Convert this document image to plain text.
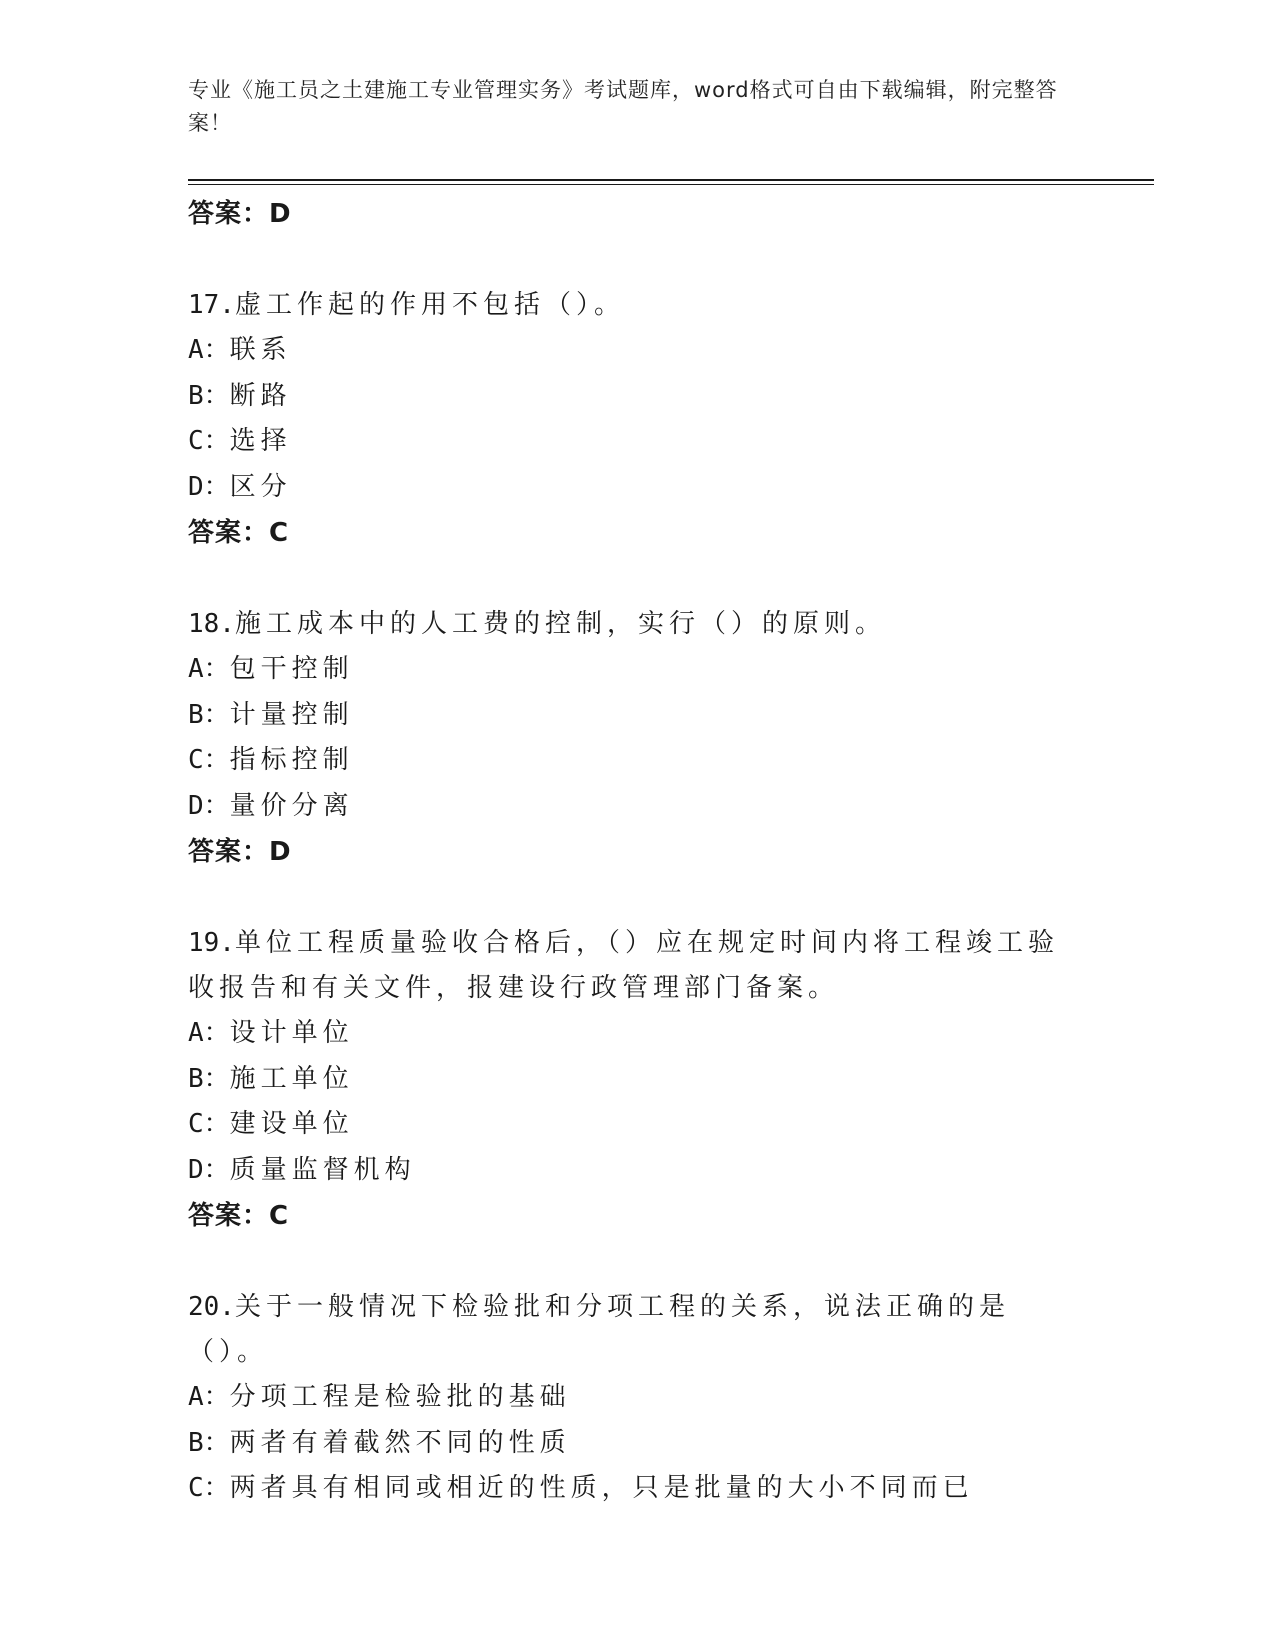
专业《施工员之土建施工专业管理实务》考试题库，word格式可自由下载编辑，附完整答案！
答案：D
17.虚工作起的作用不包括（）。
A：联系
B：断路
C：选择
D：区分
答案：C
18.施工成本中的人工费的控制，实行（）的原则。
A：包干控制
B：计量控制
C：指标控制
D：量价分离
答案：D
19.单位工程质量验收合格后，（）应在规定时间内将工程竣工验收报告和有关文件，报建设行政管理部门备案。
A：设计单位
B：施工单位
C：建设单位
D：质量监督机构
答案：C
20.关于一般情况下检验批和分项工程的关系，说法正确的是（）。
A：分项工程是检验批的基础
B：两者有着截然不同的性质
C：两者具有相同或相近的性质，只是批量的大小不同而已
